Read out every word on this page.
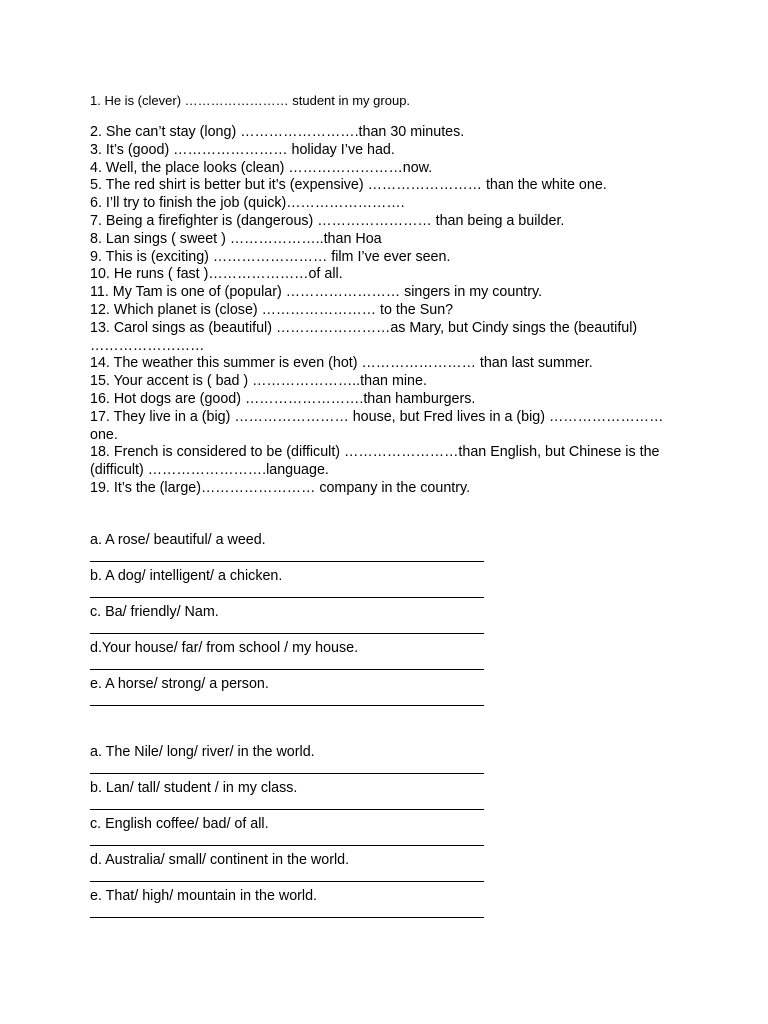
1. He is (clever) …………………… student in my group.
2. She can’t stay (long) …………………….than 30 minutes.
3. It’s (good) …………………… holiday I’ve had.
4. Well, the place looks (clean) ……………………now.
5. The red shirt is better but it’s (expensive) …………………… than the white one.
6. I’ll try to finish the job (quick)…………………….
7. Being a firefighter is (dangerous) …………………… than being a builder.
8. Lan sings ( sweet ) ………………..than Hoa
9. This is (exciting) …………………… film I’ve ever seen.
10. He runs ( fast )…………………of all.
11. My Tam is one of (popular) …………………… singers in my country.
12. Which planet is (close) …………………… to the Sun?
13. Carol sings as (beautiful) ……………………as Mary, but Cindy sings the (beautiful) ……………………
14. The weather this summer is even (hot) …………………… than last summer.
15. Your accent is ( bad ) …………………..than mine.
16. Hot dogs are (good) …………………….than hamburgers.
17. They live in a (big) …………………… house, but Fred lives in a (big) …………………… one.
18. French is considered to be (difficult) ……………………than English, but Chinese is the (difficult) …………………….language.
19. It’s the (large)…………………… company in the country.
a. A rose/ beautiful/ a weed.
b. A dog/ intelligent/ a chicken.
c. Ba/ friendly/ Nam.
d.Your house/ far/ from school / my house.
e. A horse/ strong/ a person.
a. The Nile/ long/ river/ in the world.
b. Lan/ tall/ student / in my class.
c. English coffee/ bad/ of all.
d. Australia/ small/ continent in the world.
e. That/ high/ mountain in the world.
